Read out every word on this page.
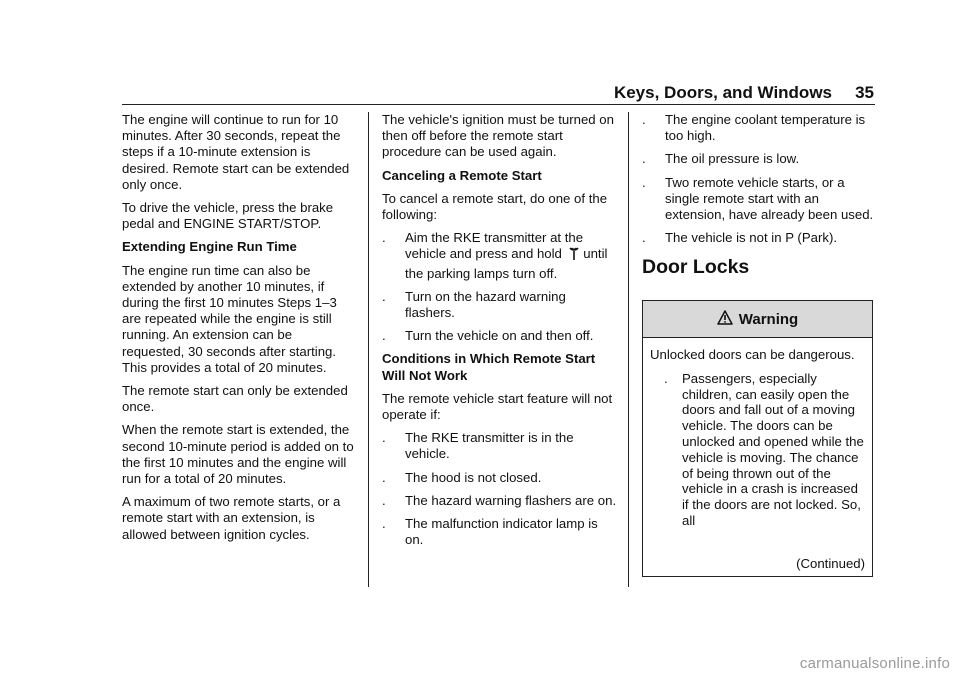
Keys, Doors, and Windows 35

The engine will continue to run for 10 minutes. After 30 seconds, repeat the steps if a 10-minute extension is desired. Remote start can be extended only once.

To drive the vehicle, press the brake pedal and ENGINE START/STOP.

Extending Engine Run Time

The engine run time can also be extended by another 10 minutes, if during the first 10 minutes Steps 1–3 are repeated while the engine is still running. An extension can be requested, 30 seconds after starting. This provides a total of 20 minutes.

The remote start can only be extended once.

When the remote start is extended, the second 10-minute period is added on to the first 10 minutes and the engine will run for a total of 20 minutes.

A maximum of two remote starts, or a remote start with an extension, is allowed between ignition cycles.

The vehicle's ignition must be turned on then off before the remote start procedure can be used again.

Canceling a Remote Start

To cancel a remote start, do one of the following:

. Aim the RKE transmitter at the vehicle and press and hold until the parking lamps turn off.
. Turn on the hazard warning flashers.
. Turn the vehicle on and then off.
Conditions in Which Remote Start Will Not Work

The remote vehicle start feature will not operate if:

. The RKE transmitter is in the vehicle.
. The hood is not closed.
. The hazard warning flashers are on.
. The malfunction indicator lamp is on.
. The engine coolant temperature is too high.
. The oil pressure is low.
. Two remote vehicle starts, or a single remote start with an extension, have already been used.
. The vehicle is not in P (Park).

Door Locks

Warning

Unlocked doors can be dangerous.

. Passengers, especially children, can easily open the doors and fall out of a moving vehicle. The doors can be unlocked and opened while the vehicle is moving. The chance of being thrown out of the vehicle in a crash is increased if the doors are not locked. So, all
(Continued)
carmanualsonline.info
